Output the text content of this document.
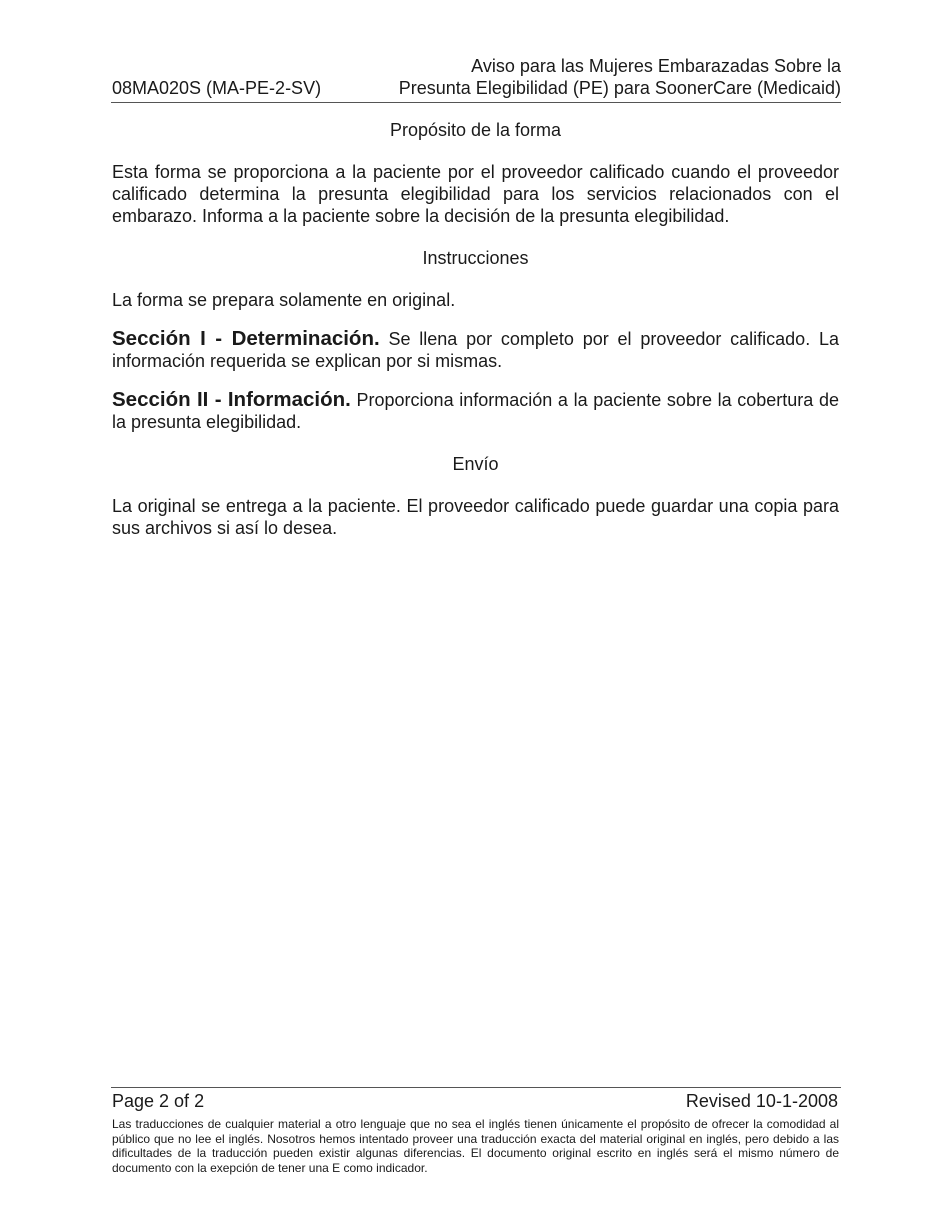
08MA020S (MA-PE-2-SV)
Aviso para las Mujeres Embarazadas Sobre la
Presunta Elegibilidad (PE) para SoonerCare (Medicaid)
Propósito de la forma

Esta forma se proporciona a la paciente por el proveedor calificado cuando el proveedor calificado determina la presunta elegibilidad para los servicios relacionados con el embarazo. Informa a la paciente sobre la decisión de la presunta elegibilidad.

Instrucciones

La forma se prepara solamente en original.

Sección I - Determinación. Se llena por completo por el proveedor calificado. La información requerida se explican por si mismas.

Sección II - Información. Proporciona información a la paciente sobre la cobertura de la presunta elegibilidad.

Envío

La original se entrega a la paciente. El proveedor calificado puede guardar una copia para sus archivos si así lo desea.

Page 2 of 2	Revised 10-1-2008

Las traducciones de cualquier material a otro lenguaje que no sea el inglés tienen únicamente el propósito de ofrecer la comodidad al público que no lee el inglés. Nosotros hemos intentado proveer una traducción exacta del material original en inglés, pero debido a las dificultades de la traducción pueden existir algunas diferencias. El documento original escrito en inglés será el mismo número de documento con la exepción de tener una E como indicador.
